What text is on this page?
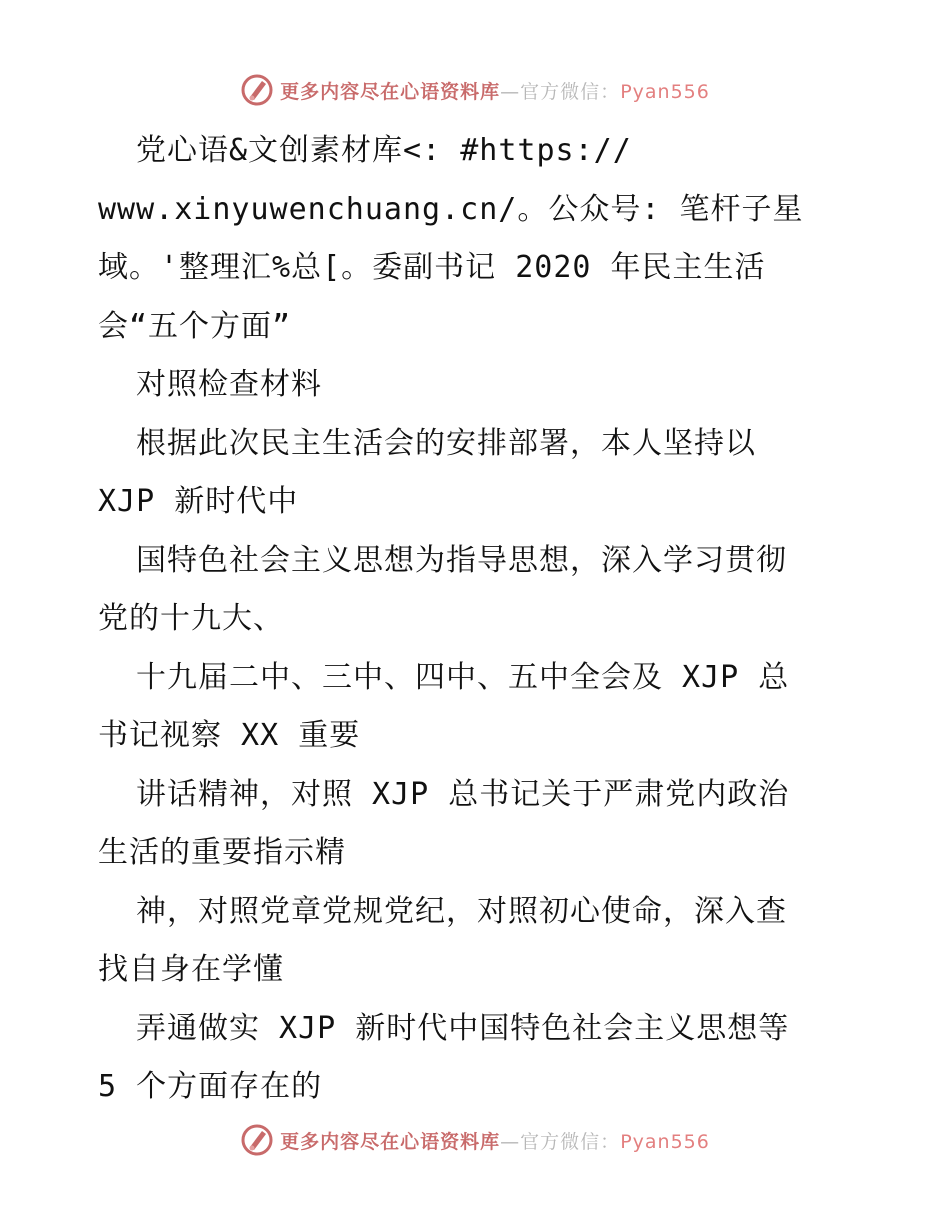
更多内容尽在心语资料库—官方微信：Pyan556
党心语&文创素材库<: #https://
www.xinyuwenchuang.cn/。公众号: 笔杆子星
域。'整理汇%总[。委副书记 2020 年民主生活
会“五个方面”
对照检查材料
根据此次民主生活会的安排部署，本人坚持以
XJP 新时代中
国特色社会主义思想为指导思想，深入学习贯彻
党的十九大、
十九届二中、三中、四中、五中全会及 XJP 总
书记视察 XX 重要
讲话精神，对照 XJP 总书记关于严肃党内政治
生活的重要指示精
神，对照党章党规党纪，对照初心使命，深入查
找自身在学懂
弄通做实 XJP 新时代中国特色社会主义思想等
5 个方面存在的
更多内容尽在心语资料库—官方微信：Pyan556
